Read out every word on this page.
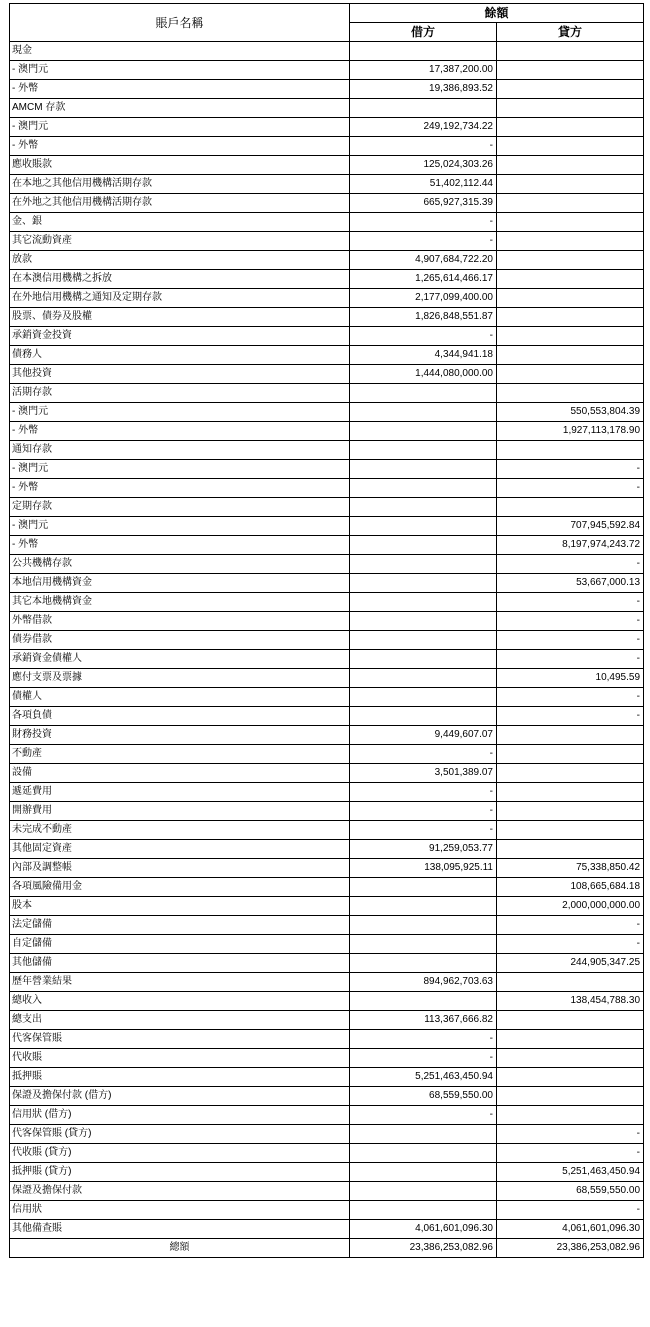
賬戶名稱	餘額	
	借方	貸方
現金		
- 澳門元	17,387,200.00	
- 外幣	19,386,893.52	
AMCM 存款		
- 澳門元	249,192,734.22	
- 外幣	-	
應收賬款	125,024,303.26	
在本地之其他信用機構活期存款	51,402,112.44	
在外地之其他信用機構活期存款	665,927,315.39	
金、銀	-	
其它流動資產	-	
放款	4,907,684,722.20	
在本澳信用機構之拆放	1,265,614,466.17	
在外地信用機構之通知及定期存款	2,177,099,400.00	
股票、債券及股權	1,826,848,551.87	
承銷資金投資	-	
債務人	4,344,941.18	
其他投資	1,444,080,000.00	
活期存款		
- 澳門元		550,553,804.39
- 外幣		1,927,113,178.90
通知存款		
- 澳門元		-
- 外幣		-
定期存款		
- 澳門元		707,945,592.84
- 外幣		8,197,974,243.72
公共機構存款		-
本地信用機構資金		53,667,000.13
其它本地機構資金		-
外幣借款		-
債券借款		-
承銷資金債權人		-
應付支票及票據		10,495.59
債權人		-
各項負債		-
財務投資	9,449,607.07	
不動產	-	
設備	3,501,389.07	
遞延費用	-	
開辦費用	-	
未完成不動產	-	
其他固定資產	91,259,053.77	
內部及調整帳	138,095,925.11	75,338,850.42
各項風險備用金		108,665,684.18
股本		2,000,000,000.00
法定儲備		-
自定儲備		-
其他儲備		244,905,347.25
歷年營業結果	894,962,703.63	
總收入		138,454,788.30
總支出	113,367,666.82	
代客保管賬	-	
代收賬	-	
抵押賬	5,251,463,450.94	
保證及擔保付款 (借方)	68,559,550.00	
信用狀 (借方)	-	
代客保管賬 (貸方)		-
代收賬 (貸方)		-
抵押賬 (貸方)		5,251,463,450.94
保證及擔保付款		68,559,550.00
信用狀		-
其他備查賬	4,061,601,096.30	4,061,601,096.30
總額	23,386,253,082.96	23,386,253,082.96
